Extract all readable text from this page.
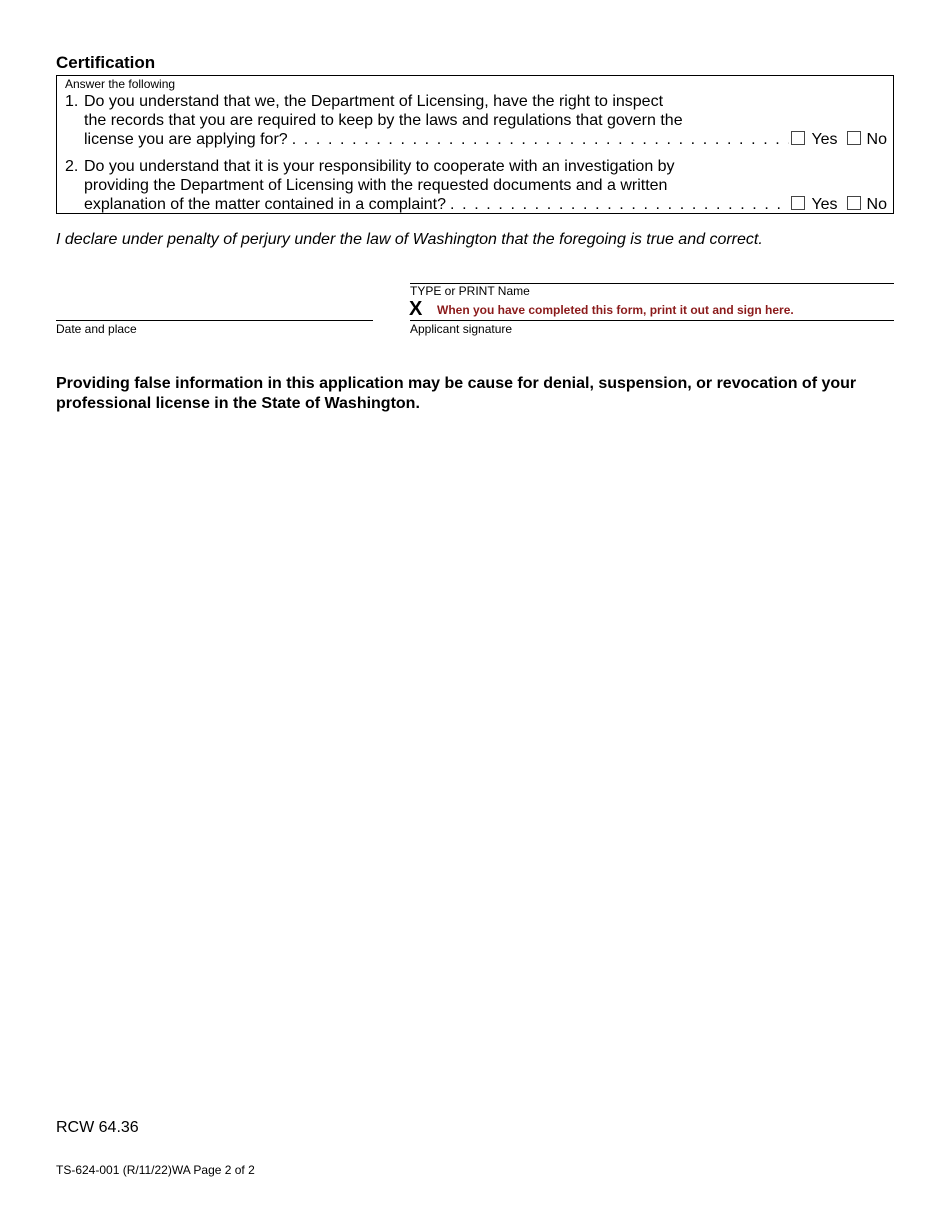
Certification
Answer the following
1. Do you understand that we, the Department of Licensing, have the right to inspect
the records that you are required to keep by the laws and regulations that govern the
license you are applying for? . . .	Yes No
2. Do you understand that it is your responsibility to cooperate with an investigation by
providing the Department of Licensing with the requested documents and a written
explanation of the matter contained in a complaint? . . .	Yes No
I declare under penalty of perjury under the law of Washington that the foregoing is true and correct.
TYPE or PRINT Name
X When you have completed this form, print it out and sign here.
Date and place	Applicant signature
Providing false information in this application may be cause for denial, suspension, or revocation of your professional license in the State of Washington.
RCW 64.36
TS-624-001 (R/11/22)WA Page 2 of 2
